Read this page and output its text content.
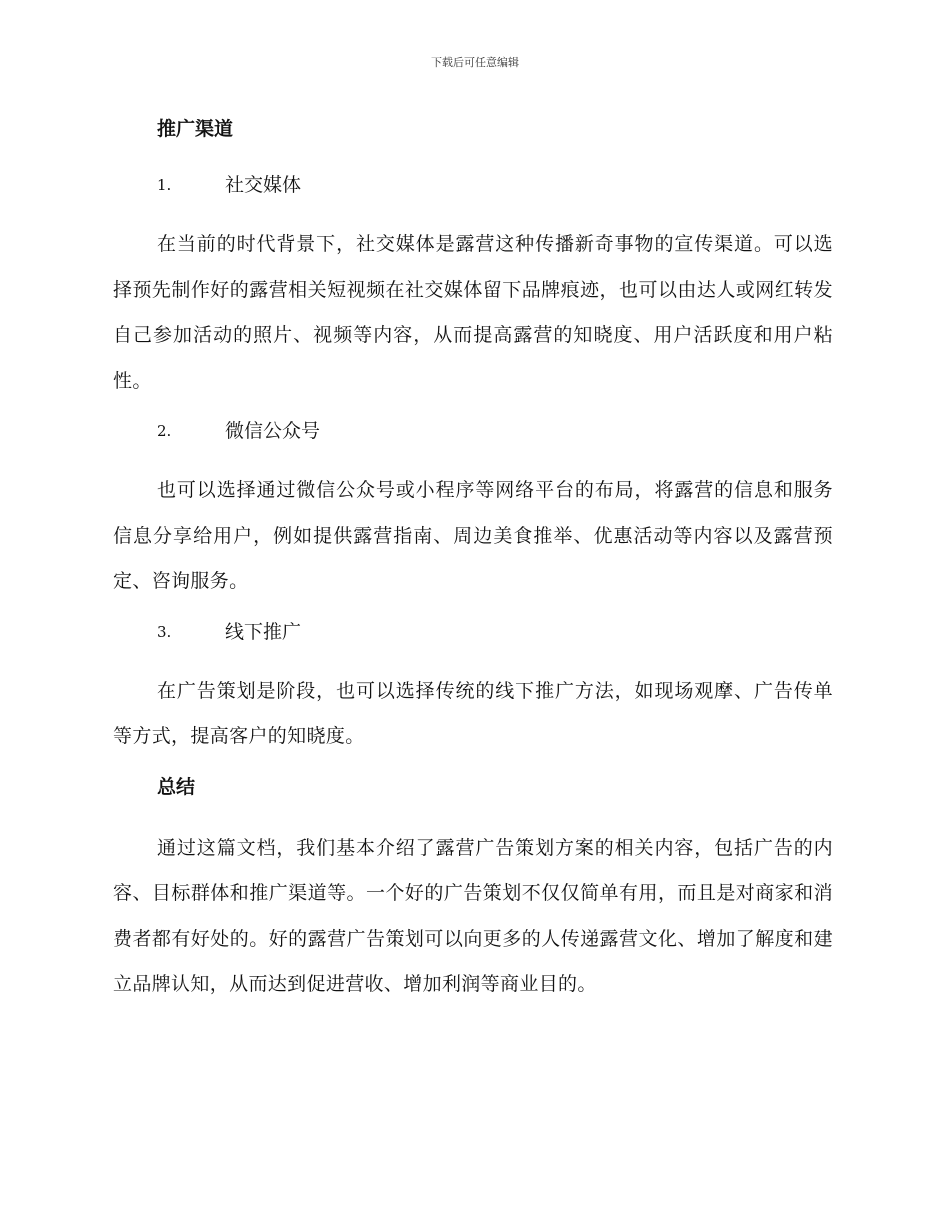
下载后可任意编辑
推广渠道
1.	社交媒体

在当前的时代背景下，社交媒体是露营这种传播新奇事物的宣传渠道。可以选择预先制作好的露营相关短视频在社交媒体留下品牌痕迹，也可以由达人或网红转发自己参加活动的照片、视频等内容，从而提高露营的知晓度、用户活跃度和用户粘性。

2.	微信公众号

也可以选择通过微信公众号或小程序等网络平台的布局，将露营的信息和服务信息分享给用户，例如提供露营指南、周边美食推举、优惠活动等内容以及露营预定、咨询服务。

3.	线下推广

在广告策划是阶段，也可以选择传统的线下推广方法，如现场观摩、广告传单等方式，提高客户的知晓度。

总结

通过这篇文档，我们基本介绍了露营广告策划方案的相关内容，包括广告的内容、目标群体和推广渠道等。一个好的广告策划不仅仅简单有用，而且是对商家和消费者都有好处的。好的露营广告策划可以向更多的人传递露营文化、增加了解度和建立品牌认知，从而达到促进营收、增加利润等商业目的。
